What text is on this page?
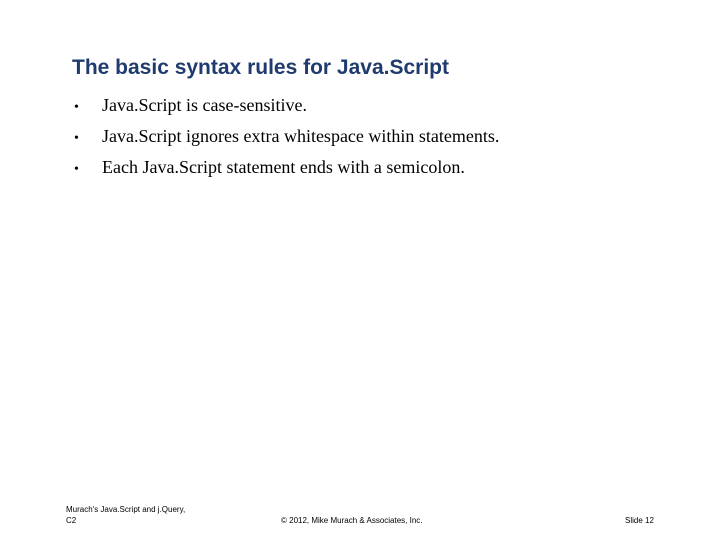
The basic syntax rules for Java.Script
•	Java.Script is case-sensitive.
•	Java.Script ignores extra whitespace within statements.
•	Each Java.Script statement ends with a semicolon.
Murach's Java.Script and j.Query,
C2	© 2012, Mike Murach & Associates, Inc.	Slide 12
